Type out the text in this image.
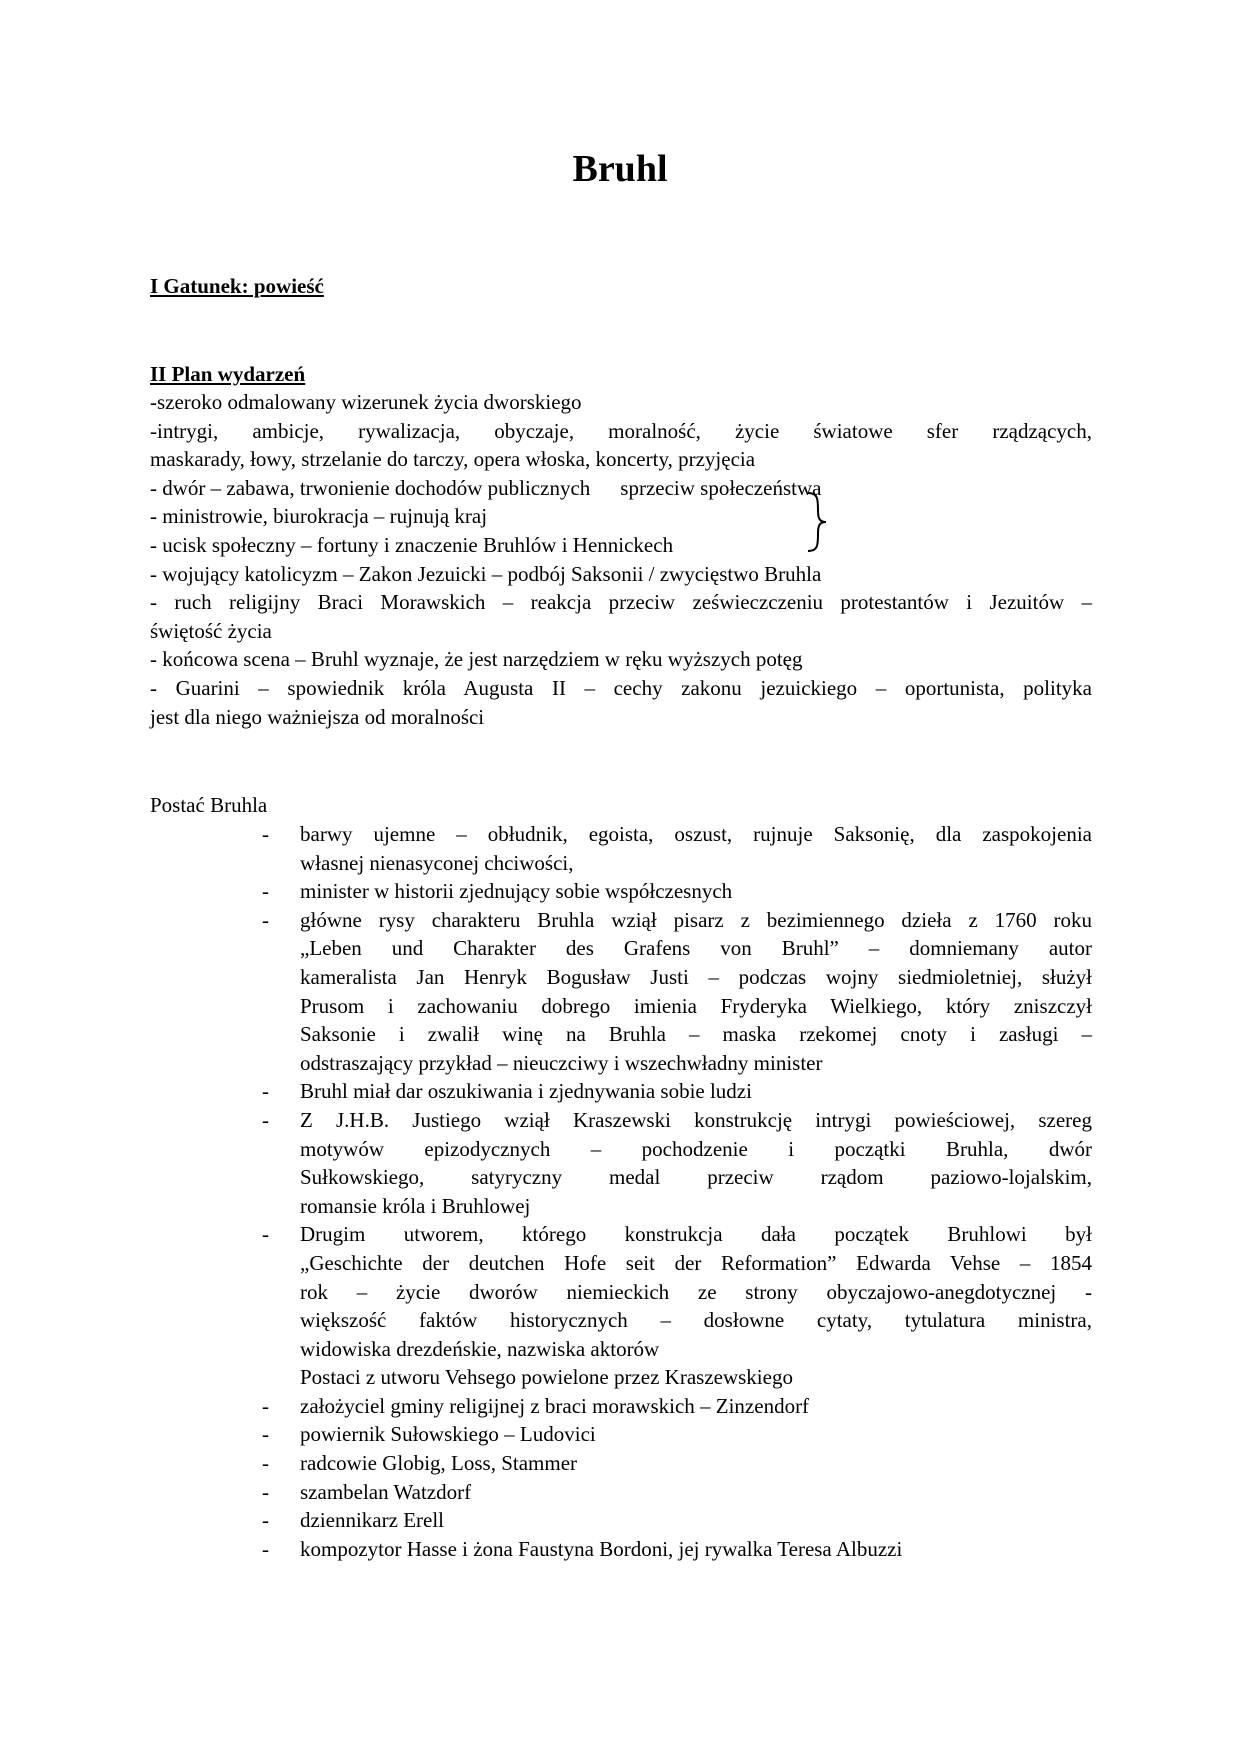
Bruhl
I Gatunek: powieść
II Plan wydarzeń
-szeroko odmalowany wizerunek życia dworskiego
-intrygi, ambicje, rywalizacja, obyczaje, moralność, życie światowe sfer rządzących,
maskarady, łowy, strzelanie do tarczy, opera włoska, koncerty, przyjęcia
- dwór – zabawa, trwonienie dochodów publicznych sprzeciw społeczeństwa
- ministrowie, biurokracja – rujnują kraj
- ucisk społeczny – fortuny i znaczenie Bruhlów i Hennickech
- wojujący katolicyzm – Zakon Jezuicki – podbój Saksonii / zwycięstwo Bruhla
- ruch religijny Braci Morawskich – reakcja przeciw ześwieczczeniu protestantów i Jezuitów –
świętość życia
- końcowa scena – Bruhl wyznaje, że jest narzędziem w ręku wyższych potęg
- Guarini – spowiednik króla Augusta II – cechy zakonu jezuickiego – oportunista, polityka
jest dla niego ważniejsza od moralności
Postać Bruhla
-	barwy ujemne – obłudnik, egoista, oszust, rujnuje Saksonię, dla zaspokojenia
własnej nienasyconej chciwości,
-	minister w historii zjednujący sobie współczesnych
-	główne rysy charakteru Bruhla wziął pisarz z bezimiennego dzieła z 1760 roku
„Leben und Charakter des Grafens von Bruhl” – domniemany autor
kameralista Jan Henryk Bogusław Justi – podczas wojny siedmioletniej, służył
Prusom i zachowaniu dobrego imienia Fryderyka Wielkiego, który zniszczył
Saksonie i zwalił winę na Bruhla – maska rzekomej cnoty i zasługi –
odstraszający przykład – nieuczciwy i wszechwładny minister
-	Bruhl miał dar oszukiwania i zjednywania sobie ludzi
-	Z J.H.B. Justiego wziął Kraszewski konstrukcję intrygi powieściowej, szereg
motywów epizodycznych – pochodzenie i początki Bruhla, dwór
Sułkowskiego, satyryczny medal przeciw rządom paziowo-lojalskim,
romansie króla i Bruhlowej
-	Drugim utworem, którego konstrukcja dała początek Bruhlowi był
„Geschichte der deutchen Hofe seit der Reformation” Edwarda Vehse – 1854
rok – życie dworów niemieckich ze strony obyczajowo-anegdotycznej -
większość faktów historycznych – dosłowne cytaty, tytulatura ministra,
widowiska drezdeńskie, nazwiska aktorów
Postaci z utworu Vehsego powielone przez Kraszewskiego
-	założyciel gminy religijnej z braci morawskich – Zinzendorf
-	powiernik Sułowskiego – Ludovici
-	radcowie Globig, Loss, Stammer
-	szambelan Watzdorf
-	dziennikarz Erell
-	kompozytor Hasse i żona Faustyna Bordoni, jej rywalka Teresa Albuzzi
